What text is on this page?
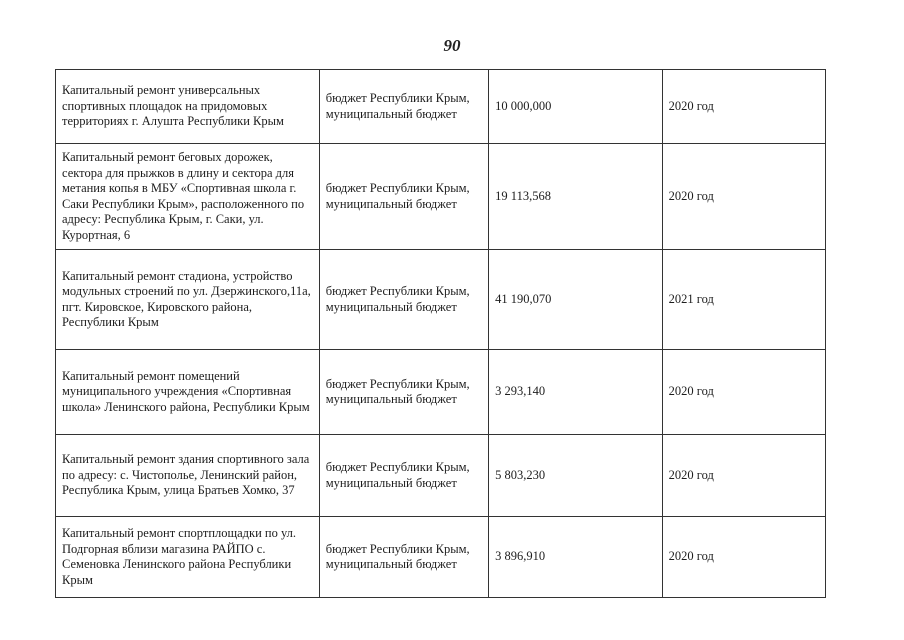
90
Капитальный ремонт универсальных спортивных площадок на придомовых территориях г. Алушта Республики Крым	бюджет Республики Крым, муниципальный бюджет	10 000,000	2020 год
Капитальный ремонт беговых дорожек, сектора для прыжков в длину и сектора для метания копья в МБУ «Спортивная школа г. Саки Республики Крым», расположенного по адресу: Республика Крым, г. Саки, ул. Курортная, 6	бюджет Республики Крым, муниципальный бюджет	19 113,568	2020 год
Капитальный ремонт стадиона, устройство модульных строений по ул. Дзержинского,11а, пгт. Кировское, Кировского района, Республики Крым	бюджет Республики Крым, муниципальный бюджет	41 190,070	2021 год
Капитальный ремонт помещений муниципального учреждения «Спортивная школа» Ленинского района, Республики Крым	бюджет Республики Крым, муниципальный бюджет	3 293,140	2020 год
Капитальный ремонт здания спортивного зала по адресу: с. Чистополье, Ленинский район, Республика Крым, улица Братьев Хомко, 37	бюджет Республики Крым, муниципальный бюджет	5 803,230	2020 год
Капитальный ремонт спортплощадки по ул. Подгорная вблизи магазина РАЙПО с. Семеновка Ленинского района Республики Крым	бюджет Республики Крым, муниципальный бюджет	3 896,910	2020 год
